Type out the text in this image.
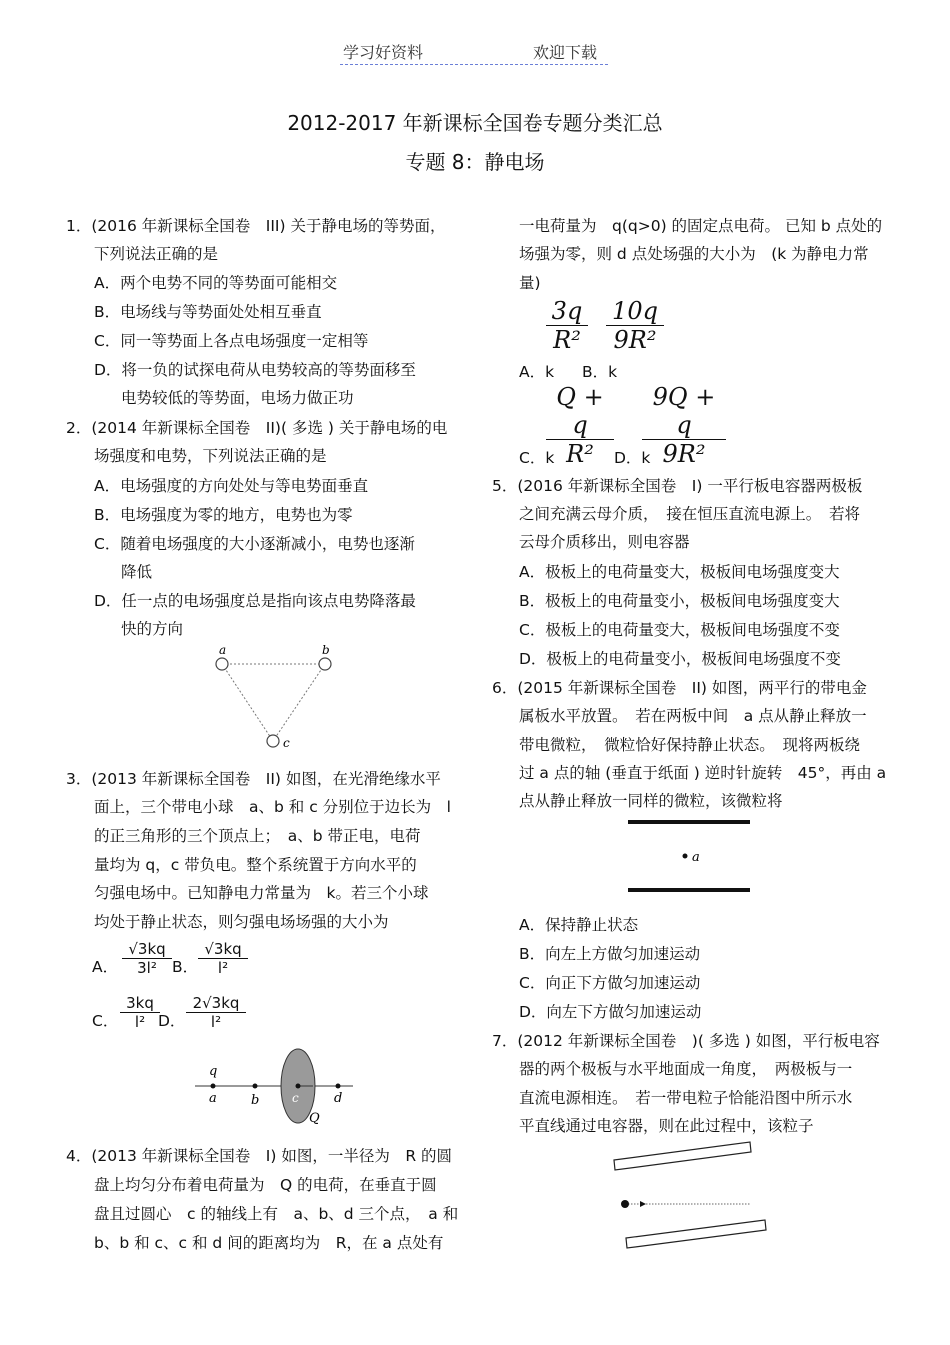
学习好资料	欢迎下载
2012-2017 年新课标全国卷专题分类汇总
专题 8：静电场
1．(2016 年新课标全国卷　III) 关于静电场的等势面，
下列说法正确的是
A．两个电势不同的等势面可能相交
B．电场线与等势面处处相互垂直
C．同一等势面上各点电场强度一定相等
D．将一负的试探电荷从电势较高的等势面移至
电势较低的等势面，电场力做正功
2．(2014 年新课标全国卷　II)( 多选 ) 关于静电场的电
场强度和电势，下列说法正确的是
A．电场强度的方向处处与等电势面垂直
B．电场强度为零的地方，电势也为零
C．随着电场强度的大小逐渐减小，电势也逐渐
降低
D．任一点的电场强度总是指向该点电势降落最
快的方向
a	b
c
3．(2013 年新课标全国卷　II) 如图，在光滑绝缘水平
面上，三个带电小球　a、b 和 c 分别位于边长为　l
的正三角形的三个顶点上；　a、b 带正电，电荷
量均为 q，c 带负电。整个系统置于方向水平的
匀强电场中。已知静电力常量为　k。若三个小球
均处于静止状态，则匀强电场场强的大小为
A． $\frac{√3kq}{\text{3l²}}$ B． $\frac{√3kq}{\text{l²}}$
C． $\frac{3kq}{\text{l²}}$
D． $\frac{2√3kq}{\text{l²}}$
q
a	b	c	d
Q
4．(2013 年新课标全国卷　I) 如图，一半径为　R 的圆
盘上均匀分布着电荷量为　Q 的电荷，在垂直于圆
盘且过圆心　c 的轴线上有　a、b、d 三个点，　a 和
b、b 和 c、c 和 d 间的距离均为　R，在 a 点处有
一电荷量为　q(q>0) 的固定点电荷。 已知 b 点处的
场强为零，则 d 点处场强的大小为　(k 为静电力常
量)
$\frac{3q}{\text{R²}} \frac{10q}{\text{9R²}}$
A．k B．k
$\frac{Q + q}{\text{R²}} \frac{9Q + q}{\text{9R²}}$
C．k	D．k
5．(2016 年新课标全国卷　I) 一平行板电容器两极板
之间充满云母介质，　接在恒压直流电源上。　若将
云母介质移出，则电容器
A．极板上的电荷量变大，极板间电场强度变大
B．极板上的电荷量变小，极板间电场强度变大
C．极板上的电荷量变大，极板间电场强度不变
D．极板上的电荷量变小，极板间电场强度不变
6．(2015 年新课标全国卷　II) 如图，两平行的带电金
属板水平放置。　若在两板中间　a 点从静止释放一
带电微粒，　微粒恰好保持静止状态。　现将两板绕
过 a 点的轴 (垂直于纸面 ) 逆时针旋转　45°，再由 a
点从静止释放一同样的微粒，该微粒将
a
A．保持静止状态
B．向左上方做匀加速运动
C．向正下方做匀加速运动
D．向左下方做匀加速运动
7．(2012 年新课标全国卷　)( 多选 ) 如图，平行板电容
器的两个极板与水平地面成一角度，　两极板与一
直流电源相连。　若一带电粒子恰能沿图中所示水
平直线通过电容器，则在此过程中，该粒子
